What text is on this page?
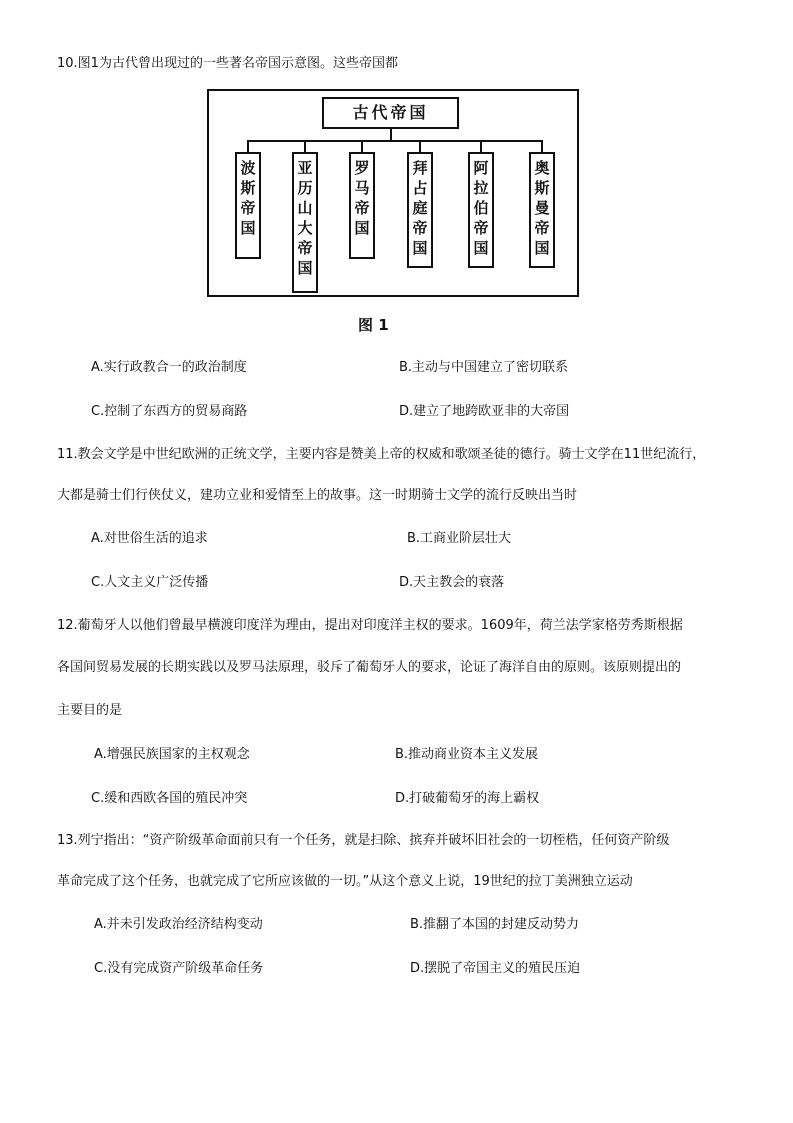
10.图1为古代曾出现过的一些著名帝国示意图。这些帝国都
古代帝国
波斯帝国	亚历山大帝国	罗马帝国	拜占庭帝国	阿拉伯帝国	奥斯曼帝国
图 1
A.实行政教合一的政治制度	B.主动与中国建立了密切联系
C.控制了东西方的贸易商路	D.建立了地跨欧亚非的大帝国
11.教会文学是中世纪欧洲的正统文学，主要内容是赞美上帝的权威和歌颂圣徒的德行。骑士文学在11世纪流行，
大都是骑士们行侠仗义，建功立业和爱情至上的故事。这一时期骑士文学的流行反映出当时
A.对世俗生活的追求	B.工商业阶层壮大
C.人文主义广泛传播	D.天主教会的衰落
12.葡萄牙人以他们曾最早横渡印度洋为理由，提出对印度洋主权的要求。1609年，荷兰法学家格劳秀斯根据
各国间贸易发展的长期实践以及罗马法原理，驳斥了葡萄牙人的要求，论证了海洋自由的原则。该原则提出的
主要目的是
A.增强民族国家的主权观念	B.推动商业资本主义发展
C.缓和西欧各国的殖民冲突	D.打破葡萄牙的海上霸权
13.列宁指出：“资产阶级革命面前只有一个任务，就是扫除、摈弃并破坏旧社会的一切桎梏，任何资产阶级
革命完成了这个任务，也就完成了它所应该做的一切。”从这个意义上说，19世纪的拉丁美洲独立运动
A.并未引发政治经济结构变动	B.推翻了本国的封建反动势力
C.没有完成资产阶级革命任务	D.摆脱了帝国主义的殖民压迫
